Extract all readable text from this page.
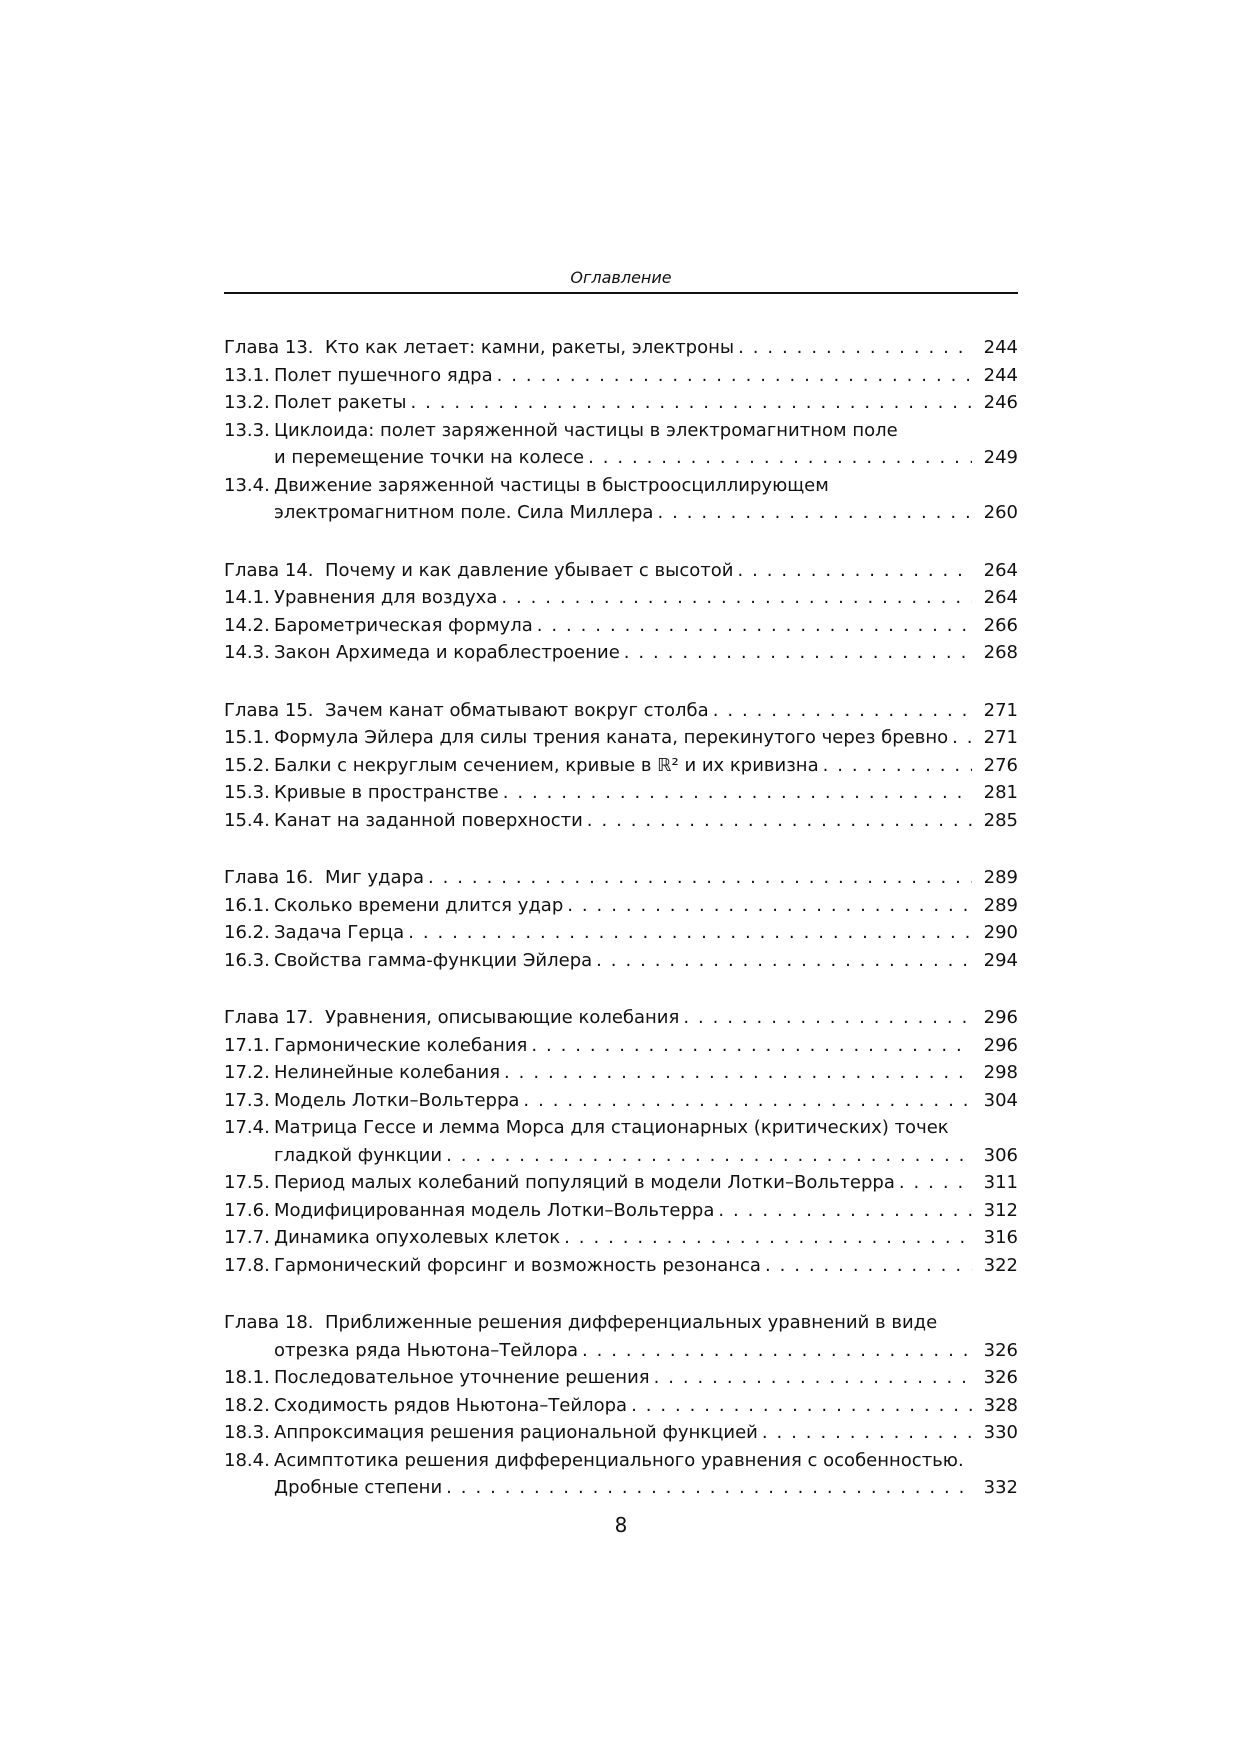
Оглавление
Глава 13. Кто как летает: камни, ракеты, электроны . . .	244
13.1. Полет пушечного ядра . . .	244
13.2. Полет ракеты . . .	246
13.3. Циклоида: полет заряженной частицы в электромагнитном поле
и перемещение точки на колесе . . .	249
13.4. Движение заряженной частицы в быстроосциллирующем
электромагнитном поле. Сила Миллера . . .	260
Глава 14. Почему и как давление убывает с высотой . . .	264
14.1. Уравнения для воздуха . . .	264
14.2. Барометрическая формула . . .	266
14.3. Закон Архимеда и кораблестроение . . .	268
Глава 15. Зачем канат обматывают вокруг столба . . .	271
15.1. Формула Эйлера для силы трения каната, перекинутого через бревно . . .	271
15.2. Балки с некруглым сечением, кривые в ℝ² и их кривизна . . .	276
15.3. Кривые в пространстве . . .	281
15.4. Канат на заданной поверхности . . .	285
Глава 16. Миг удара . . .	289
16.1. Сколько времени длится удар . . .	289
16.2. Задача Герца . . .	290
16.3. Свойства гамма-функции Эйлера . . .	294
Глава 17. Уравнения, описывающие колебания . . .	296
17.1. Гармонические колебания . . .	296
17.2. Нелинейные колебания . . .	298
17.3. Модель Лотки–Вольтерра . . .	304
17.4. Матрица Гессе и лемма Морса для стационарных (критических) точек
гладкой функции . . .	306
17.5. Период малых колебаний популяций в модели Лотки–Вольтерра . . .	311
17.6. Модифицированная модель Лотки–Вольтерра . . .	312
17.7. Динамика опухолевых клеток . . .	316
17.8. Гармонический форсинг и возможность резонанса . . .	322
Глава 18. Приближенные решения дифференциальных уравнений в виде
отрезка ряда Ньютона–Тейлора . . .	326
18.1. Последовательное уточнение решения . . .	326
18.2. Сходимость рядов Ньютона–Тейлора . . .	328
18.3. Аппроксимация решения рациональной функцией . . .	330
18.4. Асимптотика решения дифференциального уравнения с особенностью.
Дробные степени . . .	332
8
